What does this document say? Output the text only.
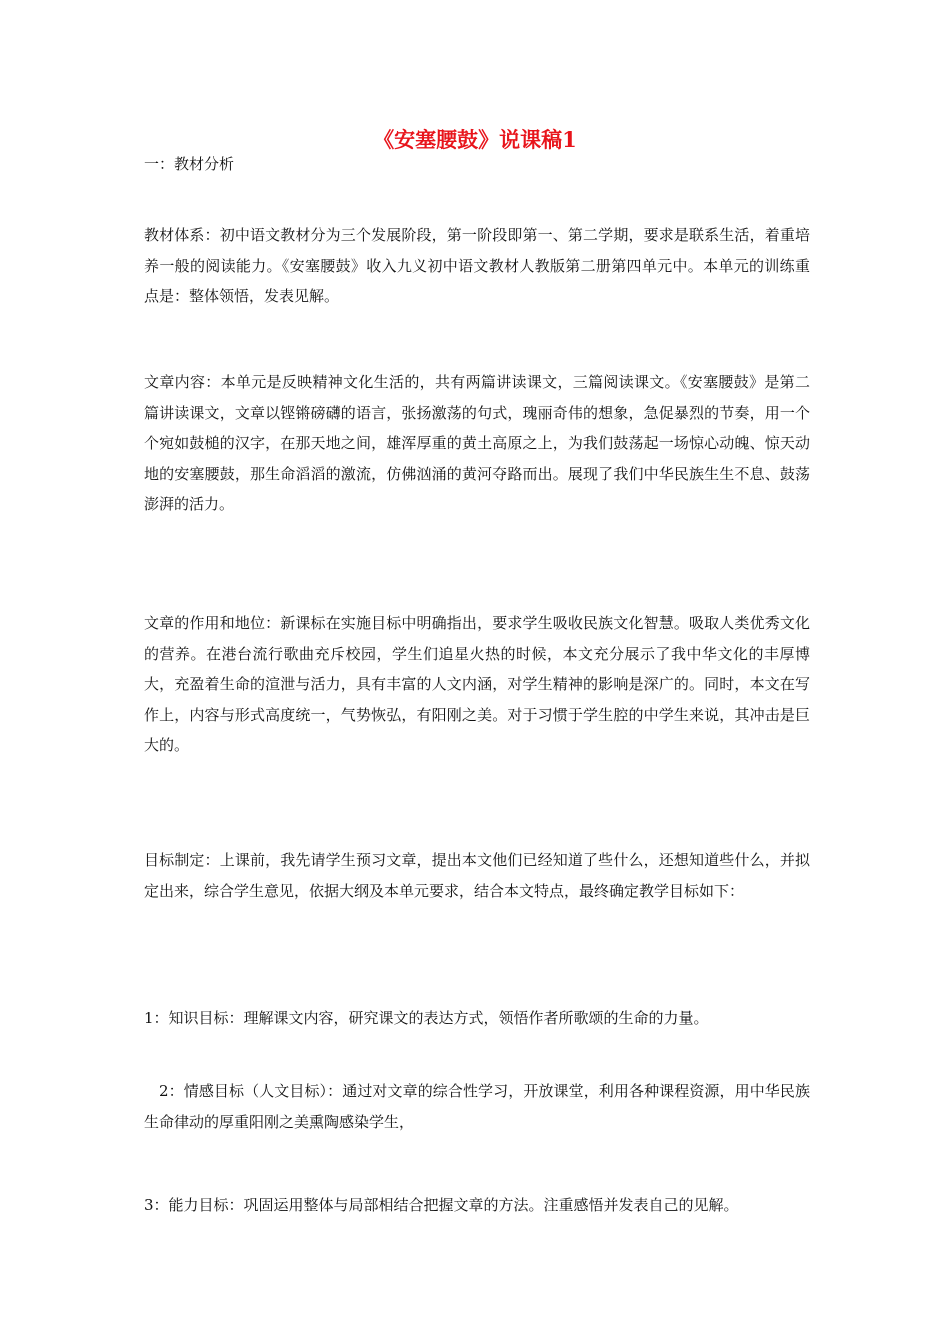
《安塞腰鼓》说课稿1

一：教材分析

教材体系：初中语文教材分为三个发展阶段，第一阶段即第一、第二学期，要求是联系生活，着重培养一般的阅读能力。《安塞腰鼓》收入九义初中语文教材人教版第二册第四单元中。本单元的训练重点是：整体领悟，发表见解。

文章内容：本单元是反映精神文化生活的，共有两篇讲读课文，三篇阅读课文。《安塞腰鼓》是第二篇讲读课文，文章以铿锵磅礴的语言，张扬激荡的句式，瑰丽奇伟的想象，急促暴烈的节奏，用一个个宛如鼓槌的汉字，在那天地之间，雄浑厚重的黄土高原之上，为我们鼓荡起一场惊心动魄、惊天动地的安塞腰鼓，那生命滔滔的激流，仿佛汹涌的黄河夺路而出。展现了我们中华民族生生不息、鼓荡澎湃的活力。

文章的作用和地位：新课标在实施目标中明确指出，要求学生吸收民族文化智慧。吸取人类优秀文化的营养。在港台流行歌曲充斥校园，学生们追星火热的时候，本文充分展示了我中华文化的丰厚博大，充盈着生命的渲泄与活力，具有丰富的人文内涵，对学生精神的影响是深广的。同时，本文在写作上，内容与形式高度统一，气势恢弘，有阳刚之美。对于习惯于学生腔的中学生来说，其冲击是巨大的。

目标制定：上课前，我先请学生预习文章，提出本文他们已经知道了些什么，还想知道些什么，并拟定出来，综合学生意见，依据大纲及本单元要求，结合本文特点，最终确定教学目标如下：

1：知识目标：理解课文内容，研究课文的表达方式，领悟作者所歌颂的生命的力量。

2：情感目标（人文目标）：通过对文章的综合性学习，开放课堂，利用各种课程资源，用中华民族生命律动的厚重阳刚之美熏陶感染学生，

3：能力目标：巩固运用整体与局部相结合把握文章的方法。注重感悟并发表自己的见解。
